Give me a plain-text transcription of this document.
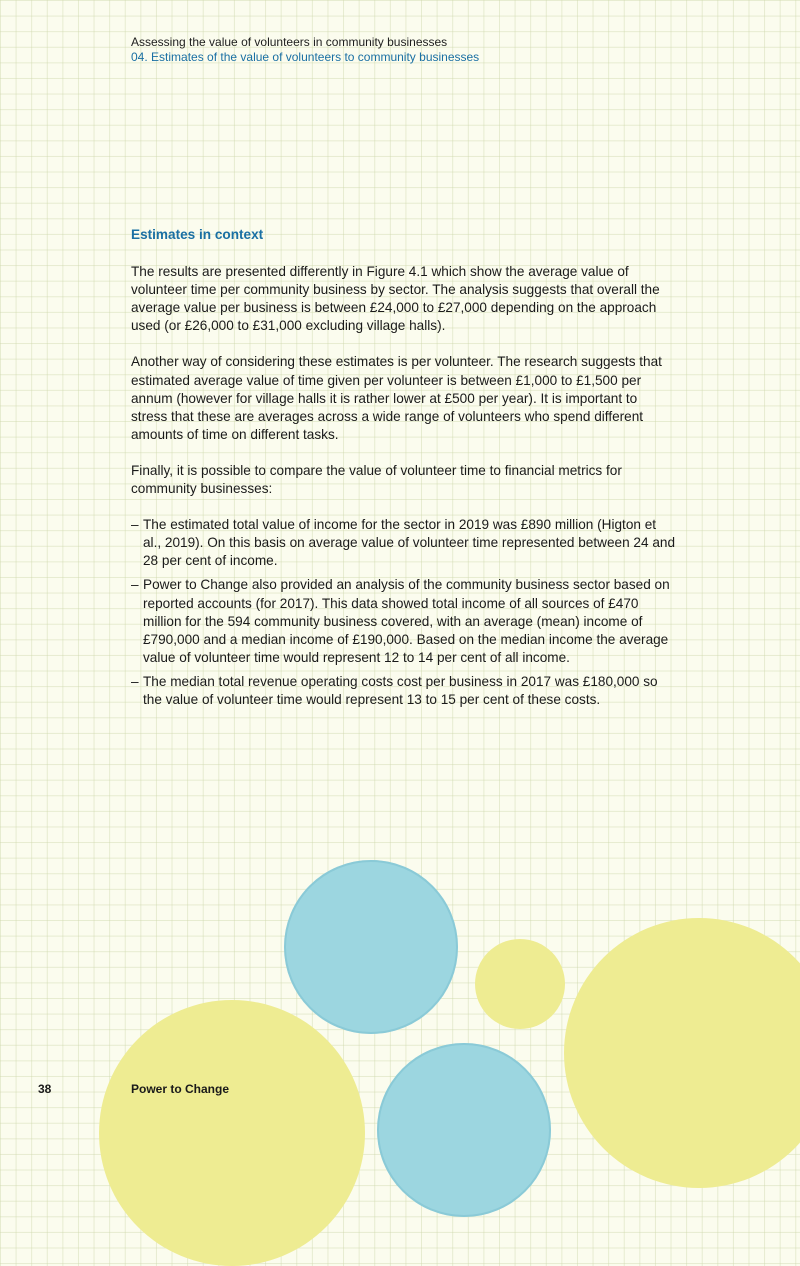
Assessing the value of volunteers in community businesses
04. Estimates of the value of volunteers to community businesses
Estimates in context

The results are presented differently in Figure 4.1 which show the average value of volunteer time per community business by sector. The analysis suggests that overall the average value per business is between £24,000 to £27,000 depending on the approach used (or £26,000 to £31,000 excluding village halls).

Another way of considering these estimates is per volunteer. The research suggests that estimated average value of time given per volunteer is between £1,000 to £1,500 per annum (however for village halls it is rather lower at £500 per year). It is important to stress that these are averages across a wide range of volunteers who spend different amounts of time on different tasks.

Finally, it is possible to compare the value of volunteer time to financial metrics for community businesses:

– The estimated total value of income for the sector in 2019 was £890 million (Higton et al., 2019). On this basis on average value of volunteer time represented between 24 and 28 per cent of income.
– Power to Change also provided an analysis of the community business sector based on reported accounts (for 2017). This data showed total income of all sources of £470 million for the 594 community business covered, with an average (mean) income of £790,000 and a median income of £190,000. Based on the median income the average value of volunteer time would represent 12 to 14 per cent of all income.
– The median total revenue operating costs cost per business in 2017 was £180,000 so the value of volunteer time would represent 13 to 15 per cent of these costs.
38	Power to Change
